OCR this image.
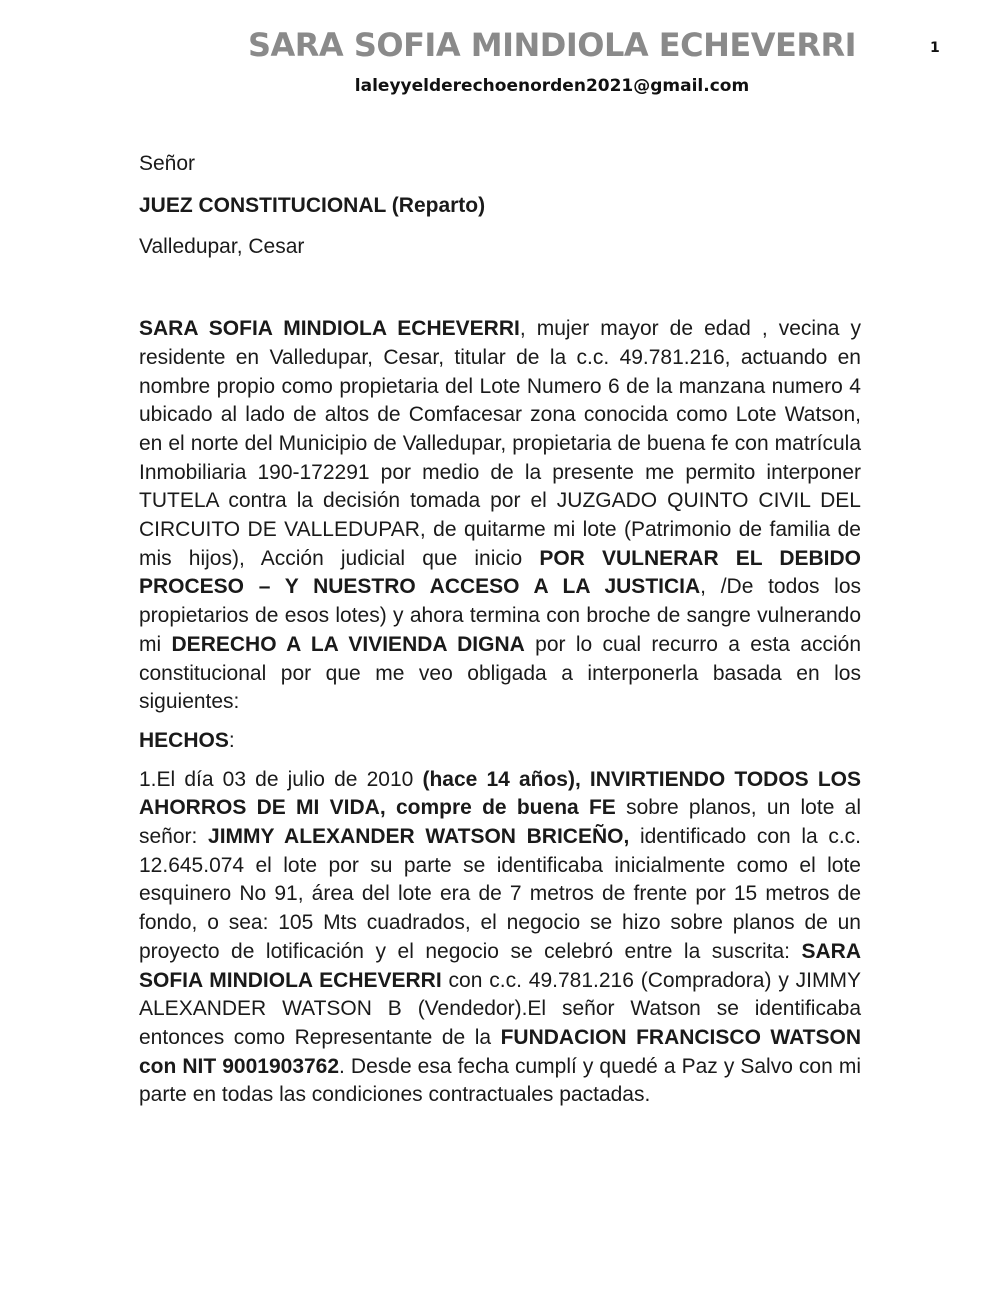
SARA SOFIA MINDIOLA ECHEVERRI
laleyyelderechoenorden2021@gmail.com
1

Señor

JUEZ CONSTITUCIONAL (Reparto)

Valledupar, Cesar

SARA SOFIA MINDIOLA ECHEVERRI, mujer mayor de edad , vecina y residente en Valledupar, Cesar, titular de la c.c. 49.781.216, actuando en nombre propio como propietaria del Lote Numero 6 de la manzana numero 4 ubicado al lado de altos de Comfacesar zona conocida como Lote Watson, en el norte del Municipio de Valledupar, propietaria de buena fe con matrícula Inmobiliaria 190-172291 por medio de la presente me permito interponer TUTELA contra la decisión tomada por el JUZGADO QUINTO CIVIL DEL CIRCUITO DE VALLEDUPAR, de quitarme mi lote (Patrimonio de familia de mis hijos), Acción judicial que inicio POR VULNERAR EL DEBIDO PROCESO – Y NUESTRO ACCESO A LA JUSTICIA, /De todos los propietarios de esos lotes) y ahora termina con broche de sangre vulnerando mi DERECHO A LA VIVIENDA DIGNA por lo cual recurro a esta acción constitucional por que me veo obligada a interponerla basada en los siguientes:

HECHOS:

1.El día 03 de julio de 2010 (hace 14 años), INVIRTIENDO TODOS LOS AHORROS DE MI VIDA, compre de buena FE sobre planos, un lote al señor: JIMMY ALEXANDER WATSON BRICEÑO, identificado con la c.c. 12.645.074 el lote por su parte se identificaba inicialmente como el lote esquinero No 91, área del lote era de 7 metros de frente por 15 metros de fondo, o sea: 105 Mts cuadrados, el negocio se hizo sobre planos de un proyecto de lotificación y el negocio se celebró entre la suscrita: SARA SOFIA MINDIOLA ECHEVERRI con c.c. 49.781.216 (Compradora) y JIMMY ALEXANDER WATSON B (Vendedor).El señor Watson se identificaba entonces como Representante de la FUNDACION FRANCISCO WATSON con NIT 9001903762. Desde esa fecha cumplí y quedé a Paz y Salvo con mi parte en todas las condiciones contractuales pactadas.
